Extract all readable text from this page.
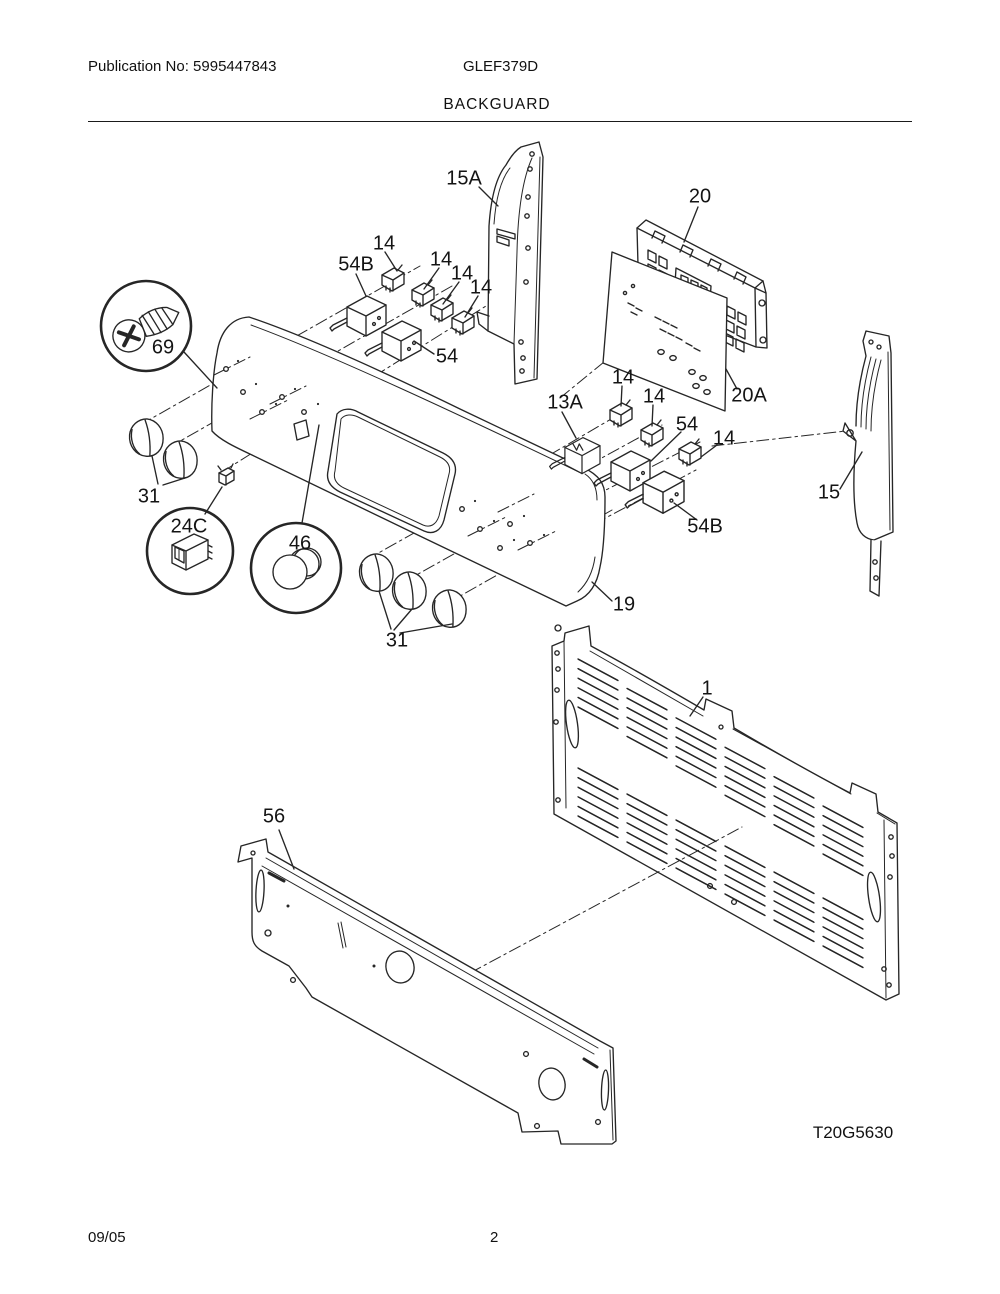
Publication No: 5995447843	GLEF379D
BACKGUARD
15A
20
54B
14
14
14
14
54
69
13A
14
14
54
14
20A
15
54B
31
24C
46
31
19
1
56
T20G5630
09/05	2
